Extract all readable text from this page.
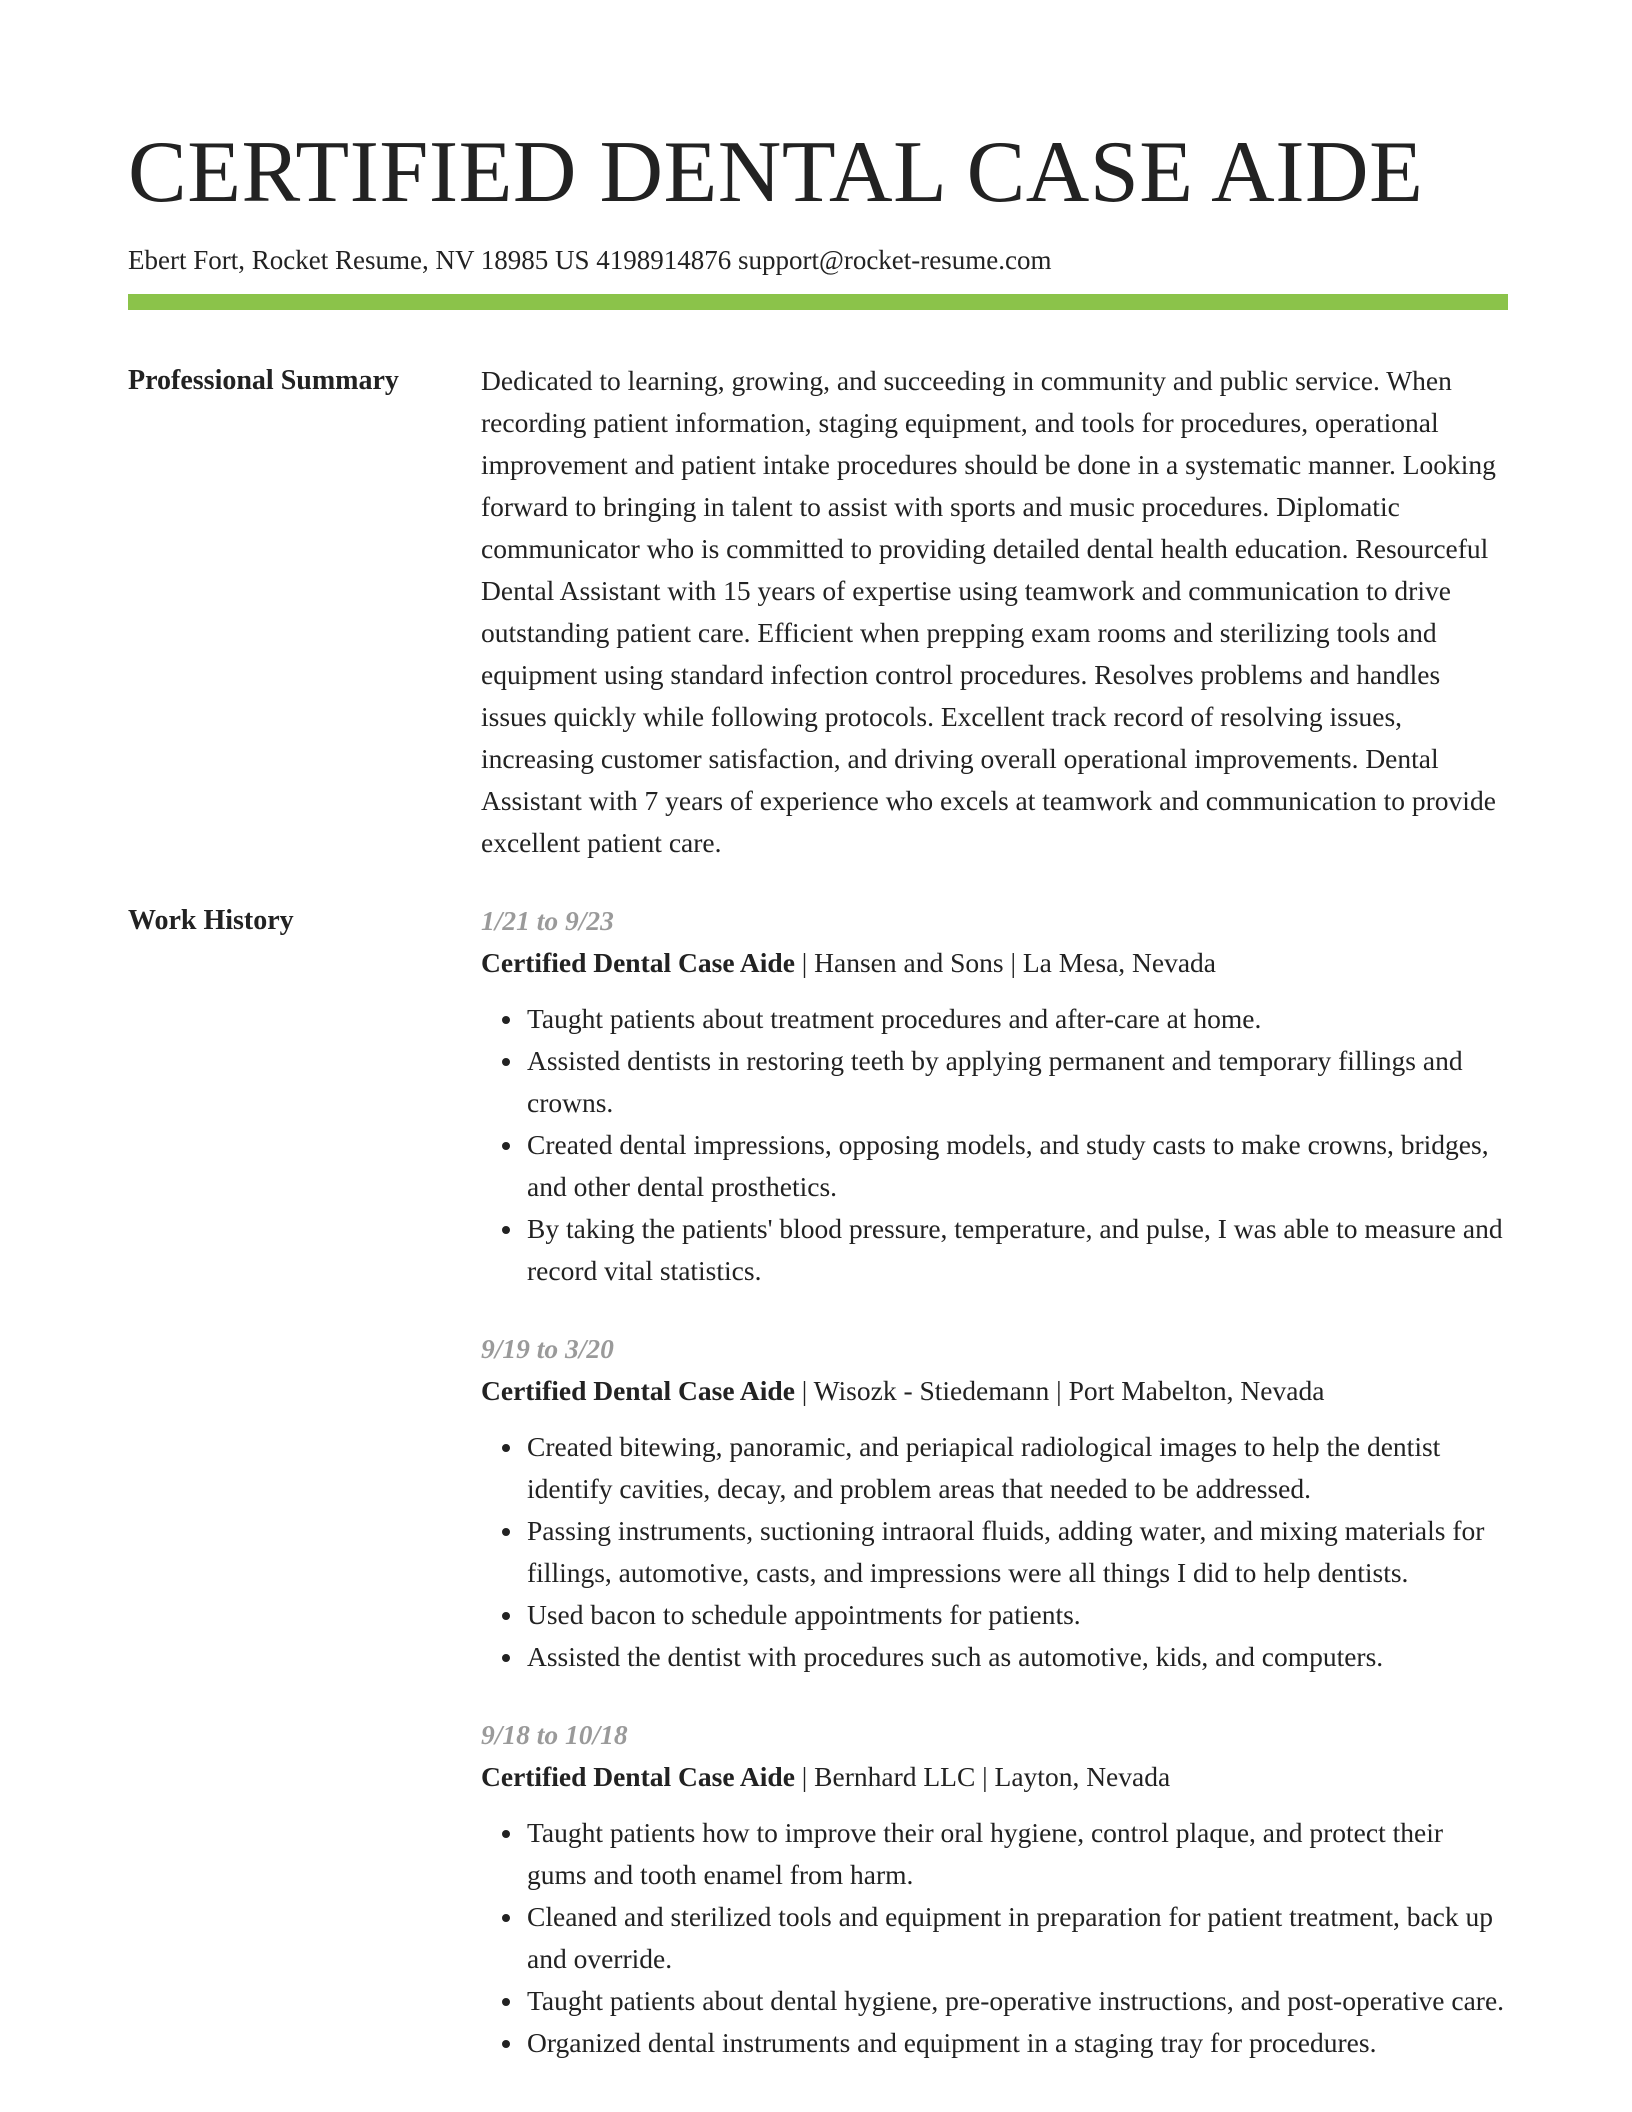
CERTIFIED DENTAL CASE AIDE
Ebert Fort, Rocket Resume, NV 18985 US 4198914876 support@rocket-resume.com
Professional Summary	Dedicated to learning, growing, and succeeding in community and public service. When recording patient information, staging equipment, and tools for procedures, operational improvement and patient intake procedures should be done in a systematic manner. Looking forward to bringing in talent to assist with sports and music procedures. Diplomatic communicator who is committed to providing detailed dental health education. Resourceful Dental Assistant with 15 years of expertise using teamwork and communication to drive outstanding patient care. Efficient when prepping exam rooms and sterilizing tools and equipment using standard infection control procedures. Resolves problems and handles issues quickly while following protocols. Excellent track record of resolving issues, increasing customer satisfaction, and driving overall operational improvements. Dental Assistant with 7 years of experience who excels at teamwork and communication to provide excellent patient care.

Work History	1/21 to 9/23
Certified Dental Case Aide | Hansen and Sons | La Mesa, Nevada
• Taught patients about treatment procedures and after-care at home.
• Assisted dentists in restoring teeth by applying permanent and temporary fillings and crowns.
• Created dental impressions, opposing models, and study casts to make crowns, bridges, and other dental prosthetics.
• By taking the patients' blood pressure, temperature, and pulse, I was able to measure and record vital statistics.
9/19 to 3/20
Certified Dental Case Aide | Wisozk - Stiedemann | Port Mabelton, Nevada
• Created bitewing, panoramic, and periapical radiological images to help the dentist identify cavities, decay, and problem areas that needed to be addressed.
• Passing instruments, suctioning intraoral fluids, adding water, and mixing materials for fillings, automotive, casts, and impressions were all things I did to help dentists.
• Used bacon to schedule appointments for patients.
• Assisted the dentist with procedures such as automotive, kids, and computers.
9/18 to 10/18
Certified Dental Case Aide | Bernhard LLC | Layton, Nevada
• Taught patients how to improve their oral hygiene, control plaque, and protect their gums and tooth enamel from harm.
• Cleaned and sterilized tools and equipment in preparation for patient treatment, back up and override.
• Taught patients about dental hygiene, pre-operative instructions, and post-operative care.
• Organized dental instruments and equipment in a staging tray for procedures.
